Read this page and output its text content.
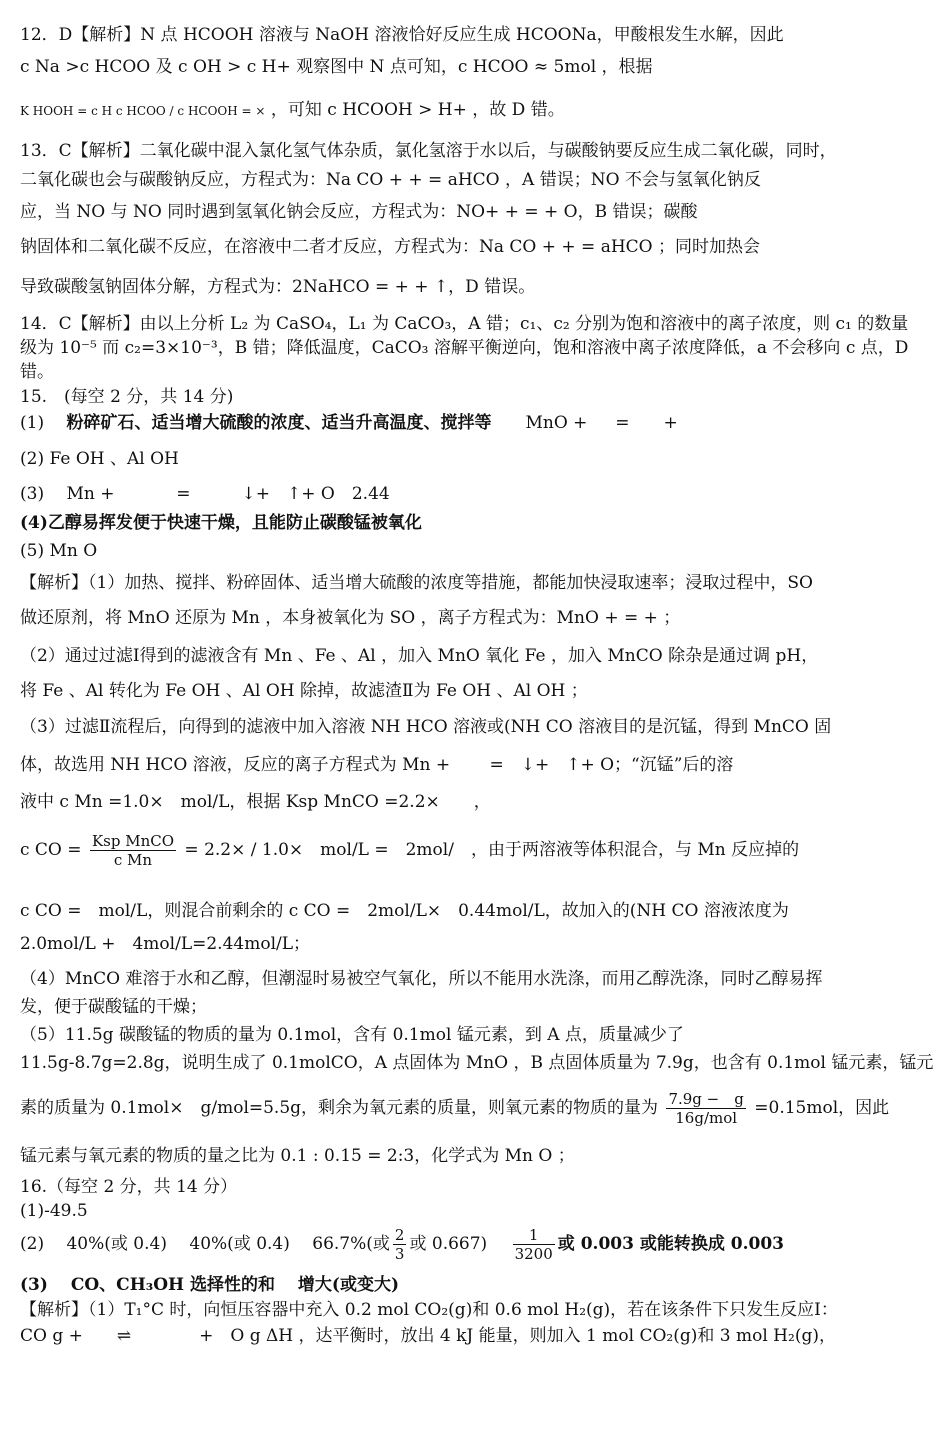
12．D【解析】N 点 HCOOH 溶液与 NaOH 溶液恰好反应生成 HCOONa，甲酸根发生水解，因此
c Na >c HCOO 及 c OH > c H+ 观察图中 N 点可知，c HCOO ≈ 5mol ，根据
K HOOH = c H c HCOO / c HCOOH = × ，可知 c HCOOH > H+ ，故 D 错。
13．C【解析】二氧化碳中混入氯化氢气体杂质，氯化氢溶于水以后，与碳酸钠要反应生成二氧化碳，同时，
二氧化碳也会与碳酸钠反应，方程式为：Na CO + + = aHCO ，A 错误；NO 不会与氢氧化钠反
应，当 NO 与 NO 同时遇到氢氧化钠会反应，方程式为：NO+ + = + O，B 错误；碳酸
钠固体和二氧化碳不反应，在溶液中二者才反应，方程式为：Na CO + + = aHCO ；同时加热会
导致碳酸氢钠固体分解，方程式为：2NaHCO = + + ↑，D 错误。
14．C【解析】由以上分析 L₂ 为 CaSO₄，L₁ 为 CaCO₃，A 错；c₁、c₂ 分别为饱和溶液中的离子浓度，则 c₁ 的数量
级为 10⁻⁵ 而 c₂=3×10⁻³，B 错；降低温度，CaCO₃ 溶解平衡逆向，饱和溶液中离子浓度降低，a 不会移向 c 点，D
错。
15.　(每空 2 分，共 14 分)
(1)　 粉碎矿石、适当增大硫酸的浓度、适当升高温度、搅拌等　　MnO + 　 =　　+　
(2) Fe OH 、Al OH
(3)　 Mn + 　　　 =　　　↓+　↑+ O　2.44
(4)乙醇易挥发便于快速干燥，且能防止碳酸锰被氧化
(5) Mn O
【解析】（1）加热、搅拌、粉碎固体、适当增大硫酸的浓度等措施，都能加快浸取速率；浸取过程中，SO
做还原剂，将 MnO 还原为 Mn ，本身被氧化为 SO ，离子方程式为：MnO + = + ；
（2）通过过滤Ⅰ得到的滤液含有 Mn 、Fe 、Al ，加入 MnO 氧化 Fe ，加入 MnCO 除杂是通过调 pH，
将 Fe 、Al 转化为 Fe OH 、Al OH 除掉，故滤渣Ⅱ为 Fe OH 、Al OH ；
（3）过滤Ⅱ流程后，向得到的滤液中加入溶液 NH HCO 溶液或(NH CO 溶液目的是沉锰，得到 MnCO 固
体，故选用 NH HCO 溶液，反应的离子方程式为 Mn + 　　=　↓+　↑+ O；“沉锰”后的溶
液中 c Mn =1.0×　mol/L，根据 Ksp MnCO =2.2×　　，
c CO = $\frac{\text{Ksp MnCO}}{\text{c Mn}} = 2.2\times / 1.0\times$　mol/L =　2mol/　，由于两溶液等体积混合，与 Mn 反应掉的
c CO =　mol/L，则混合前剩余的 c CO =　2mol/L×　0.44mol/L，故加入的(NH CO 溶液浓度为
2.0mol/L +　4mol/L=2.44mol/L；
（4）MnCO 难溶于水和乙醇，但潮湿时易被空气氧化，所以不能用水洗涤，而用乙醇洗涤，同时乙醇易挥
发，便于碳酸锰的干燥；
（5）11.5g 碳酸锰的物质的量为 0.1mol，含有 0.1mol 锰元素，到 A 点，质量减少了
11.5g-8.7g=2.8g，说明生成了 0.1molCO，A 点固体为 MnO ，B 点固体质量为 7.9g，也含有 0.1mol 锰元素，锰元
素的质量为 0.1mol×　g/mol=5.5g，剩余为氧元素的质量，则氧元素的物质的量为 $\frac{7.9g - g}{\text{16g/mol}} =0.15mol$，因此
锰元素与氧元素的物质的量之比为 0.1 : 0.15 = 2:3，化学式为 Mn O ；
16.（每空 2 分，共 14 分）
(1)-49.5
(2)　 40%(或 0.4)　 40%(或 0.4)　 66.7%(或 $\frac{2}{3}$ 或 0.667)　 $\frac{1}{3200}$ 或 0.003 或能转换成 0.003
(3)　 CO、CH₃OH 选择性的和　 增大(或变大)
【解析】（1）T₁°C 时，向恒压容器中充入 0.2 mol CO₂(g)和 0.6 mol H₂(g)，若在该条件下只发生反应Ⅰ：
CO g +　　⇌　　　　+　O g ΔH ，达平衡时，放出 4 kJ 能量，则加入 1 mol CO₂(g)和 3 mol H₂(g)，
